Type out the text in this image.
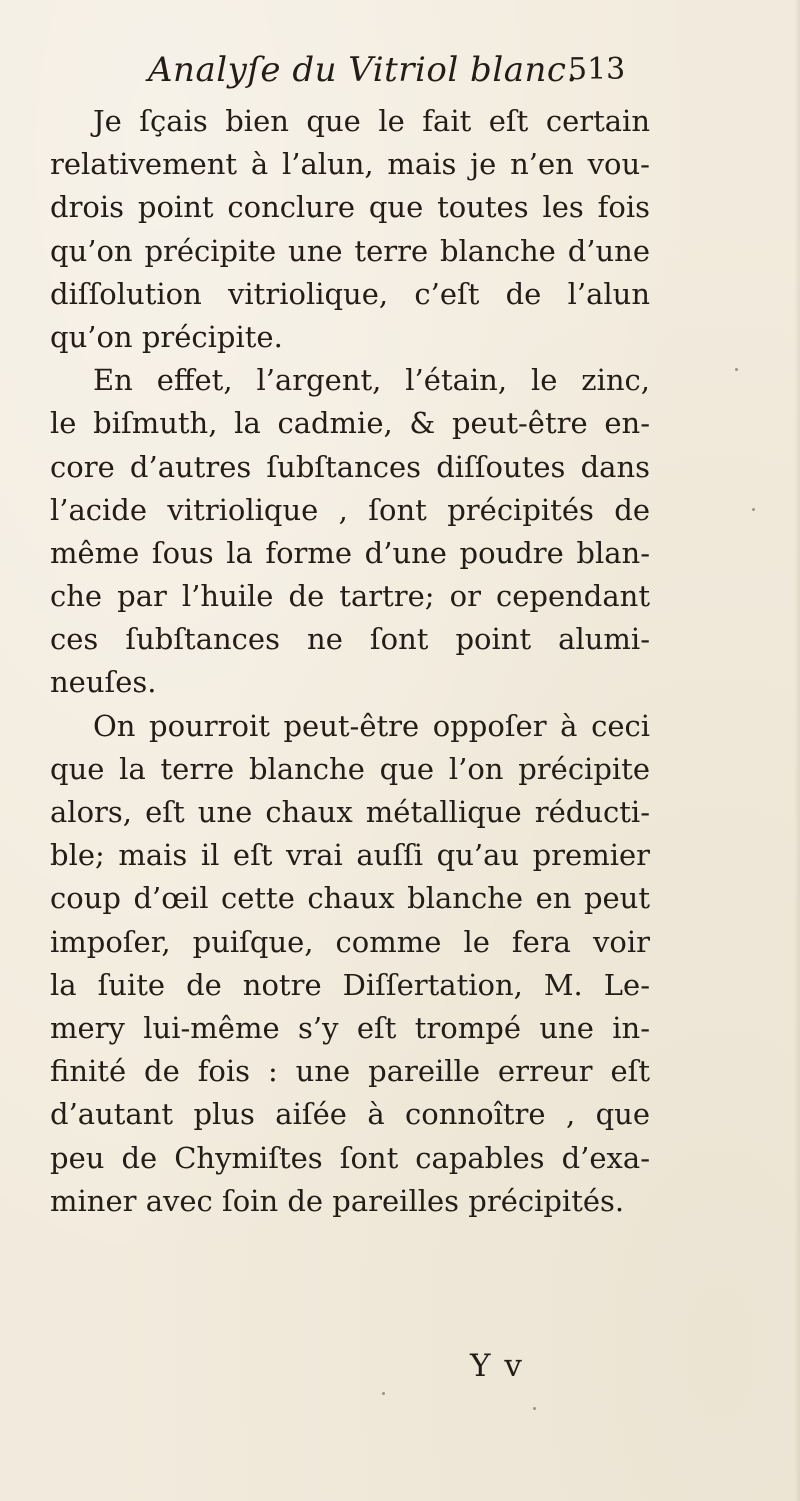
Analyſe du Vitriol blanc.
513
Je ſçais bien que le fait eſt certain
relativement à l’alun, mais je n’en vou-
drois point conclure que toutes les fois
qu’on précipite une terre blanche d’une
diſſolution vitriolique, c’eſt de l’alun
qu’on précipite.
En effet, l’argent, l’étain, le zinc,
le biſmuth, la cadmie, & peut-être en-
core d’autres ſubſtances diſſoutes dans
l’acide vitriolique , ſont précipités de
même ſous la forme d’une poudre blan-
che par l’huile de tartre; or cependant
ces ſubſtances ne ſont point alumi-
neuſes.
On pourroit peut-être oppoſer à ceci
que la terre blanche que l’on précipite
alors, eſt une chaux métallique réducti-
ble; mais il eſt vrai auſſi qu’au premier
coup d’œil cette chaux blanche en peut
impoſer, puiſque, comme le fera voir
la ſuite de notre Diſſertation, M. Le-
mery lui-même s’y eſt trompé une in-
finité de fois : une pareille erreur eſt
d’autant plus aiſée à connoître , que
peu de Chymiſtes ſont capables d’exa-
miner avec ſoin de pareilles précipités.
Y v
